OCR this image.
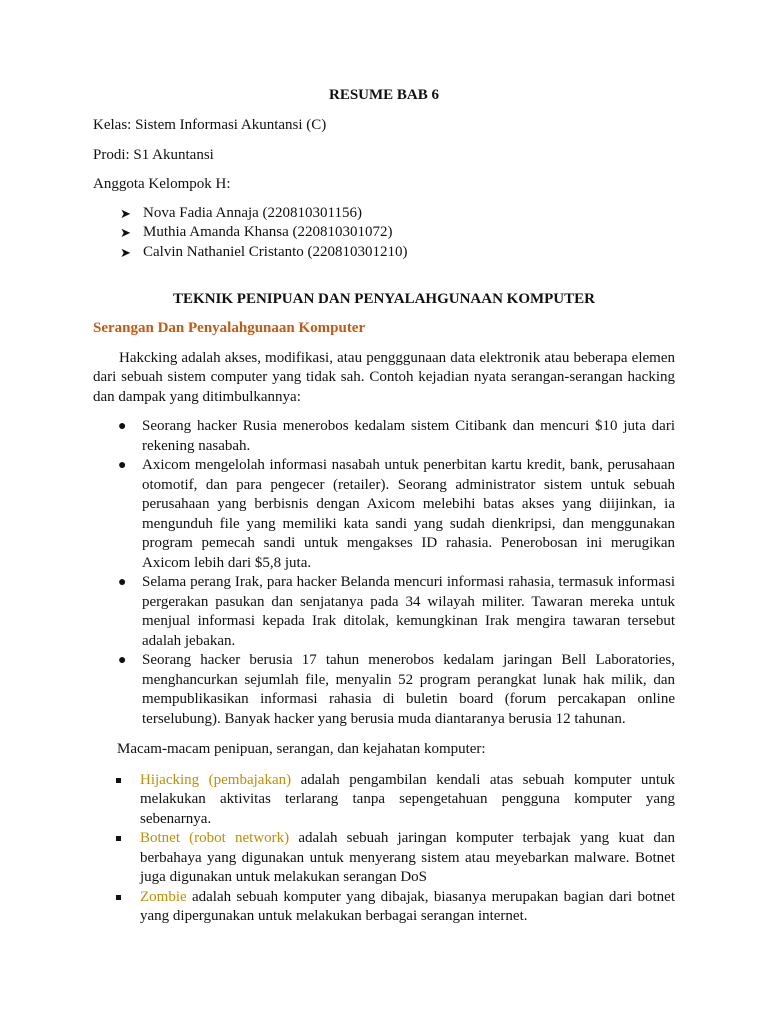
RESUME BAB 6

Kelas: Sistem Informasi Akuntansi (C)

Prodi: S1 Akuntansi

Anggota Kelompok H:

➤ Nova Fadia Annaja (220810301156)
➤ Muthia Amanda Khansa (220810301072)
➤ Calvin Nathaniel Cristanto (220810301210)

TEKNIK PENIPUAN DAN PENYALAHGUNAAN KOMPUTER

Serangan Dan Penyalahgunaan Komputer

Hakcking adalah akses, modifikasi, atau pengggunaan data elektronik atau beberapa elemen dari sebuah sistem computer yang tidak sah. Contoh kejadian nyata serangan-serangan hacking dan dampak yang ditimbulkannya:

● Seorang hacker Rusia menerobos kedalam sistem Citibank dan mencuri $10 juta dari rekening nasabah.
● Axicom mengelolah informasi nasabah untuk penerbitan kartu kredit, bank, perusahaan otomotif, dan para pengecer (retailer). Seorang administrator sistem untuk sebuah perusahaan yang berbisnis dengan Axicom melebihi batas akses yang diijinkan, ia mengunduh file yang memiliki kata sandi yang sudah dienkripsi, dan menggunakan program pemecah sandi untuk mengakses ID rahasia. Penerobosan ini merugikan Axicom lebih dari $5,8 juta.
● Selama perang Irak, para hacker Belanda mencuri informasi rahasia, termasuk informasi pergerakan pasukan dan senjatanya pada 34 wilayah militer. Tawaran mereka untuk menjual informasi kepada Irak ditolak, kemungkinan Irak mengira tawaran tersebut adalah jebakan.
● Seorang hacker berusia 17 tahun menerobos kedalam jaringan Bell Laboratories, menghancurkan sejumlah file, menyalin 52 program perangkat lunak hak milik, dan mempublikasikan informasi rahasia di buletin board (forum percakapan online terselubung). Banyak hacker yang berusia muda diantaranya berusia 12 tahunan.

Macam-macam penipuan, serangan, dan kejahatan komputer:

Hijacking (pembajakan) adalah pengambilan kendali atas sebuah komputer untuk melakukan aktivitas terlarang tanpa sepengetahuan pengguna komputer yang sebenarnya.
Botnet (robot network) adalah sebuah jaringan komputer terbajak yang kuat dan berbahaya yang digunakan untuk menyerang sistem atau meyebarkan malware. Botnet juga digunakan untuk melakukan serangan DoS
Zombie adalah sebuah komputer yang dibajak, biasanya merupakan bagian dari botnet yang dipergunakan untuk melakukan berbagai serangan internet.
